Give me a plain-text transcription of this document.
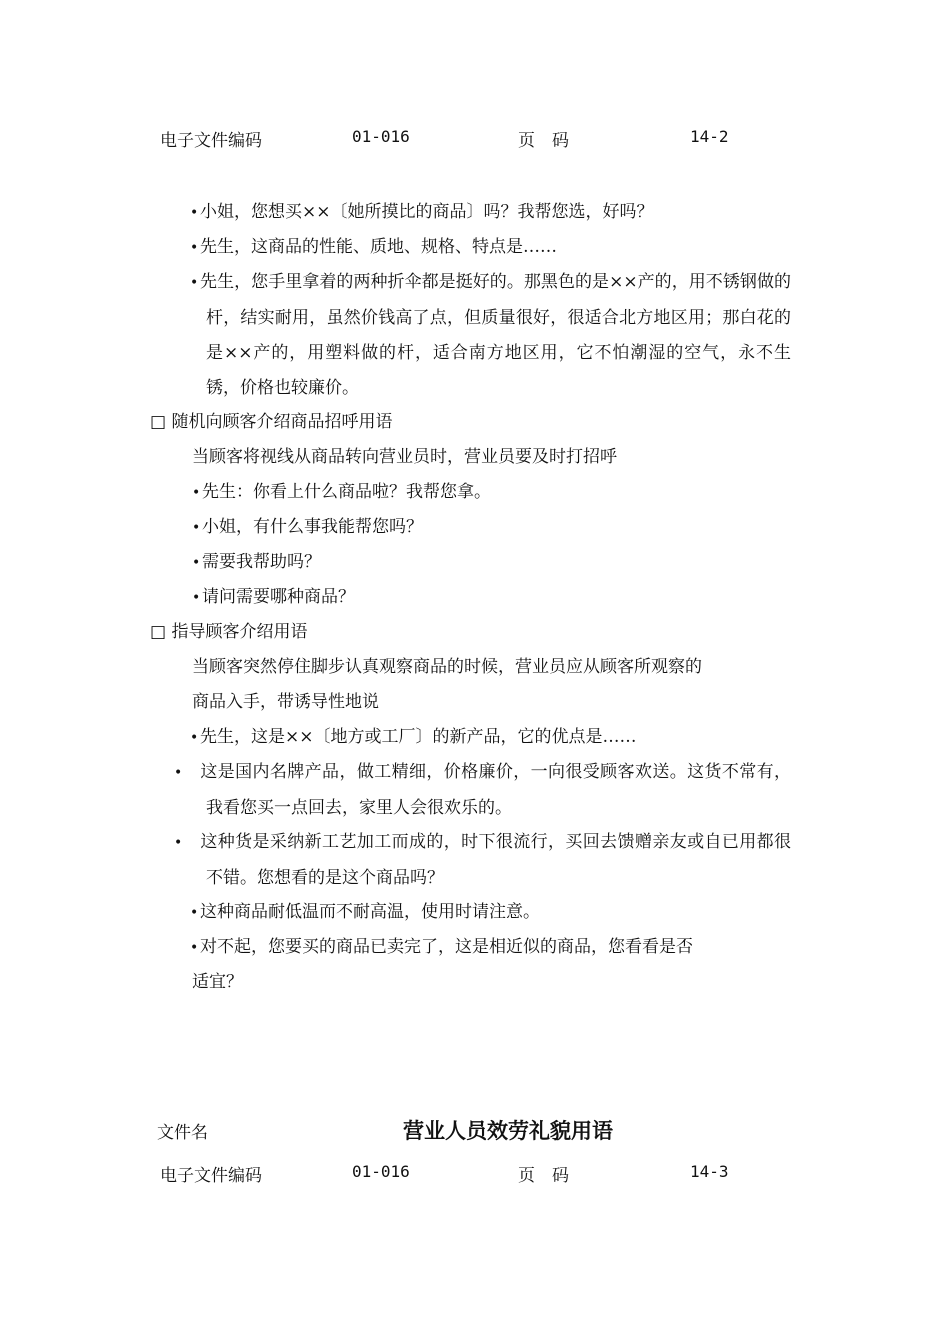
电子文件编码	01-016	页　码	14-2
• 小姐，您想买××〔她所摸比的商品〕吗？我帮您选，好吗？
• 先生，这商品的性能、质地、规格、特点是……
• 先生，您手里拿着的两种折伞都是挺好的。那黑色的是××产的，用不锈钢做的杆，结实耐用，虽然价钱高了点，但质量很好，很适合北方地区用；那白花的是××产的，用塑料做的杆，适合南方地区用，它不怕潮湿的空气，永不生锈，价格也较廉价。
□ 随机向顾客介绍商品招呼用语
当顾客将视线从商品转向营业员时，营业员要及时打招呼
• 先生：你看上什么商品啦？我帮您拿。
• 小姐，有什么事我能帮您吗？
• 需要我帮助吗？
• 请问需要哪种商品？
□ 指导顾客介绍用语
当顾客突然停住脚步认真观察商品的时候，营业员应从顾客所观察的
商品入手，带诱导性地说
• 先生，这是××〔地方或工厂〕的新产品，它的优点是……
• 这是国内名牌产品，做工精细，价格廉价，一向很受顾客欢送。这货不常有，我看您买一点回去，家里人会很欢乐的。
• 这种货是采纳新工艺加工而成的，时下很流行，买回去馈赠亲友或自已用都很不错。您想看的是这个商品吗？
• 这种商品耐低温而不耐高温，使用时请注意。
• 对不起，您要买的商品已卖完了，这是相近似的商品，您看看是否
适宜？
文件名	营业人员效劳礼貌用语
电子文件编码	01-016	页　码	14-3
